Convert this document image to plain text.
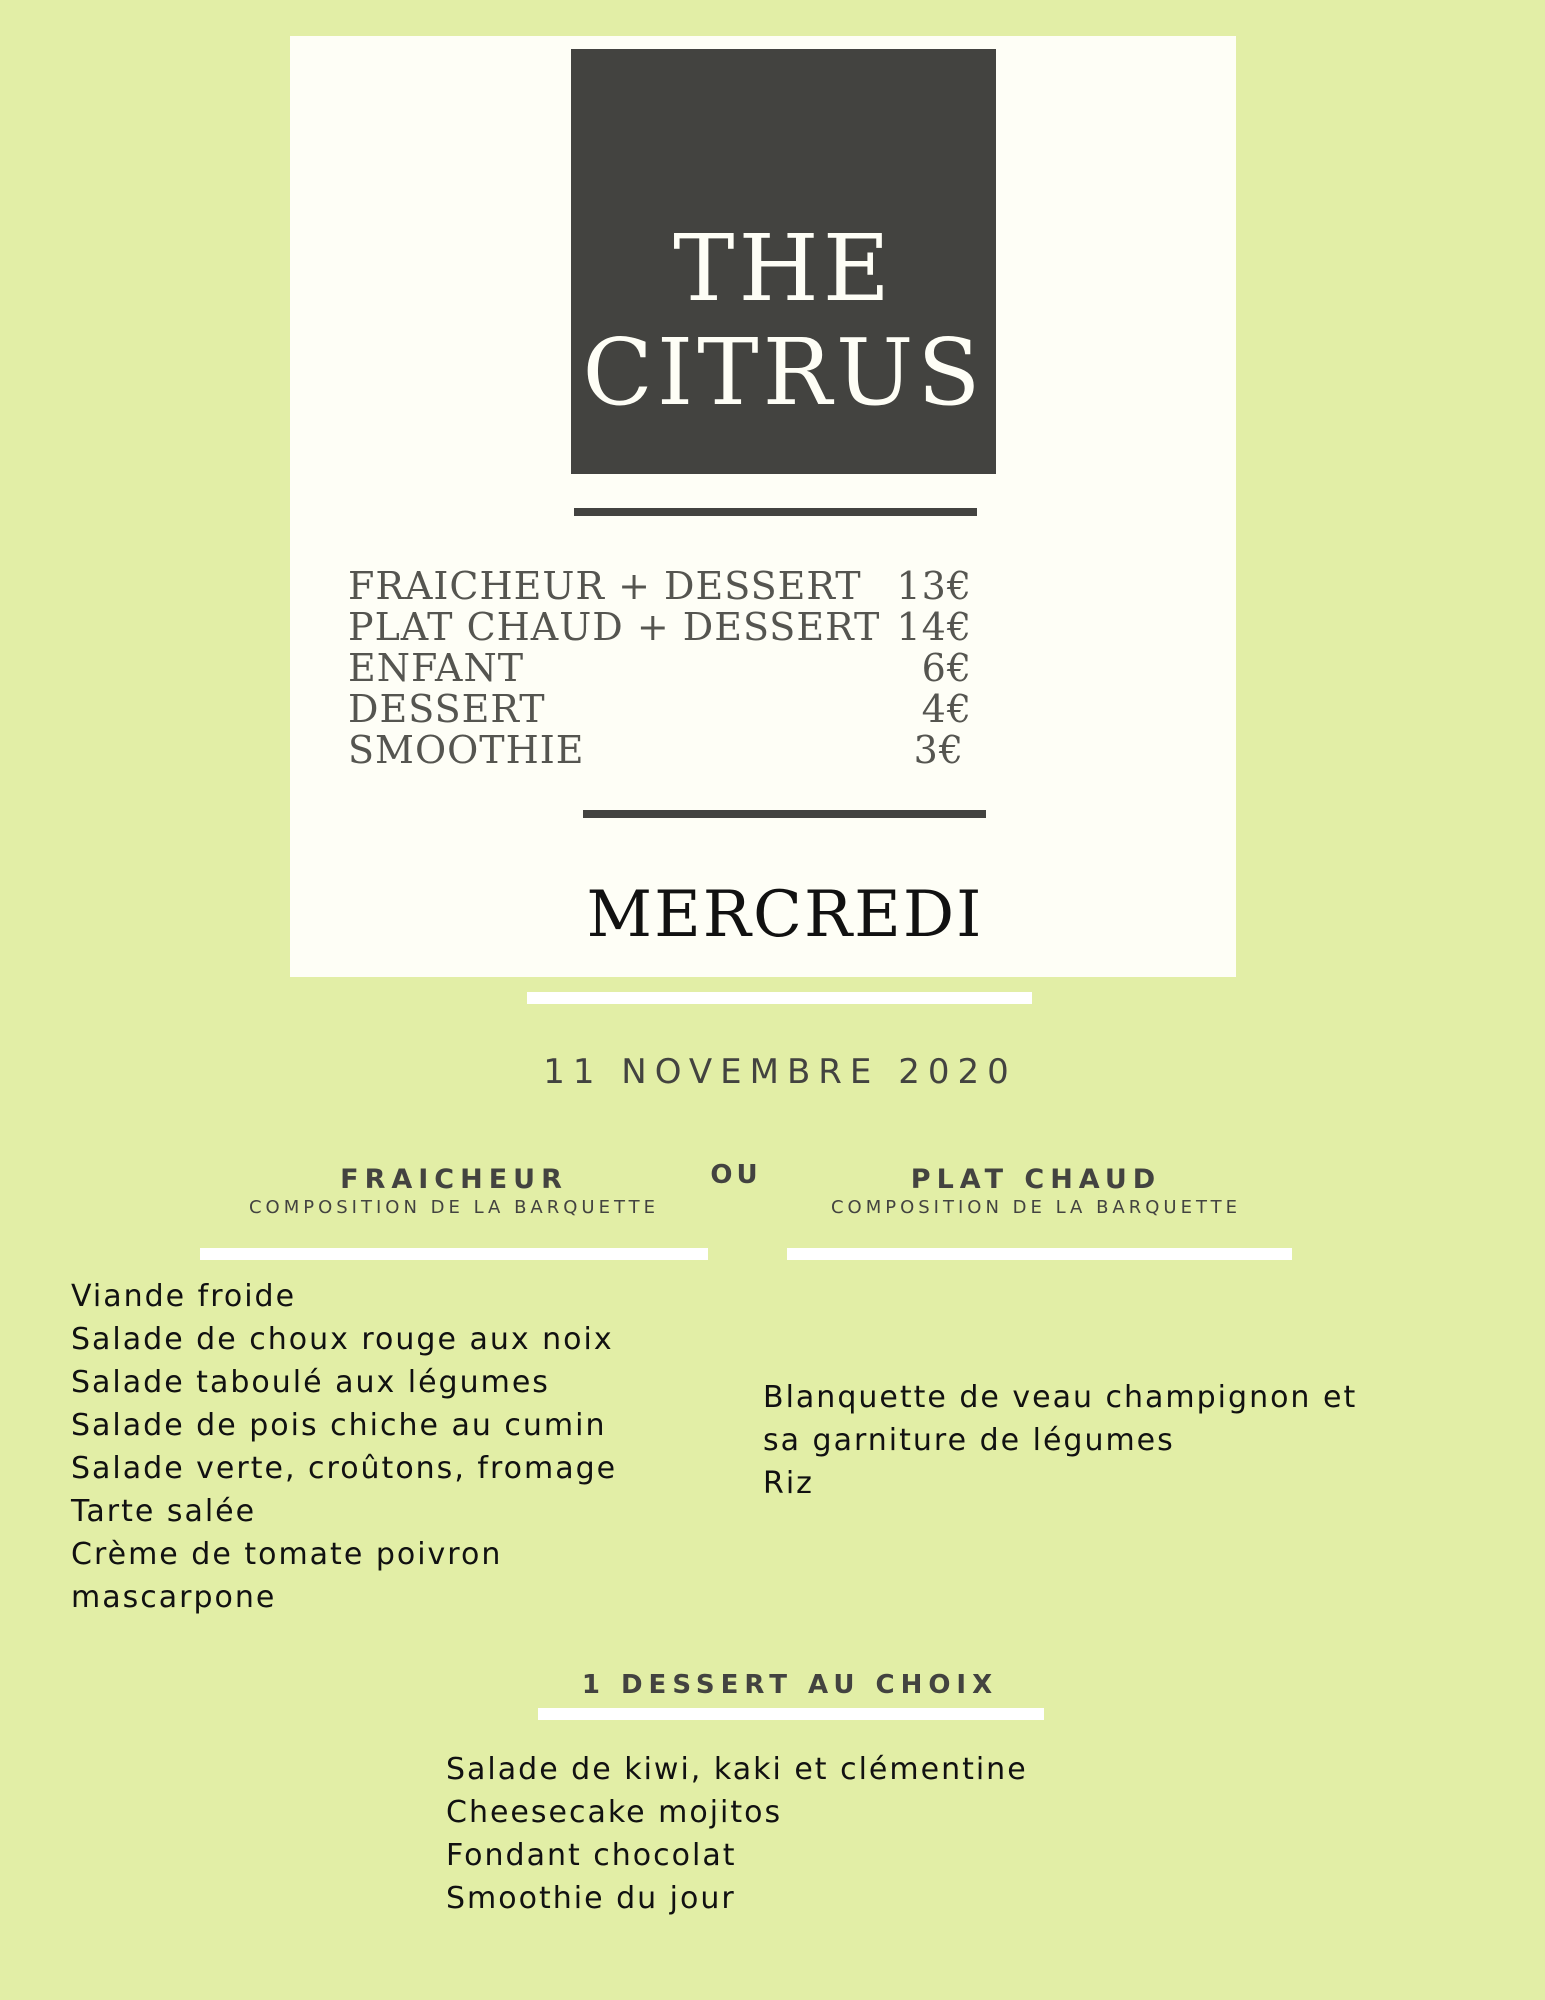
THE
CITRUS
FRAICHEUR + DESSERT 13€
PLAT CHAUD + DESSERT 14€
ENFANT	6€
DESSERT	4€
SMOOTHIE	3€
MERCREDI
11 NOVEMBRE 2020
FRAICHEUR
COMPOSITION DE LA BARQUETTE
OU	PLAT CHAUD
COMPOSITION DE LA BARQUETTE
Viande froide
Salade de choux rouge aux noix
Salade taboulé aux légumes
Salade de pois chiche au cumin
Salade verte, croûtons, fromage
Tarte salée
Crème de tomate poivron
mascarpone
Blanquette de veau champignon et
sa garniture de légumes
Riz
1 DESSERT AU CHOIX
Salade de kiwi, kaki et clémentine
Cheesecake mojitos
Fondant chocolat
Smoothie du jour
